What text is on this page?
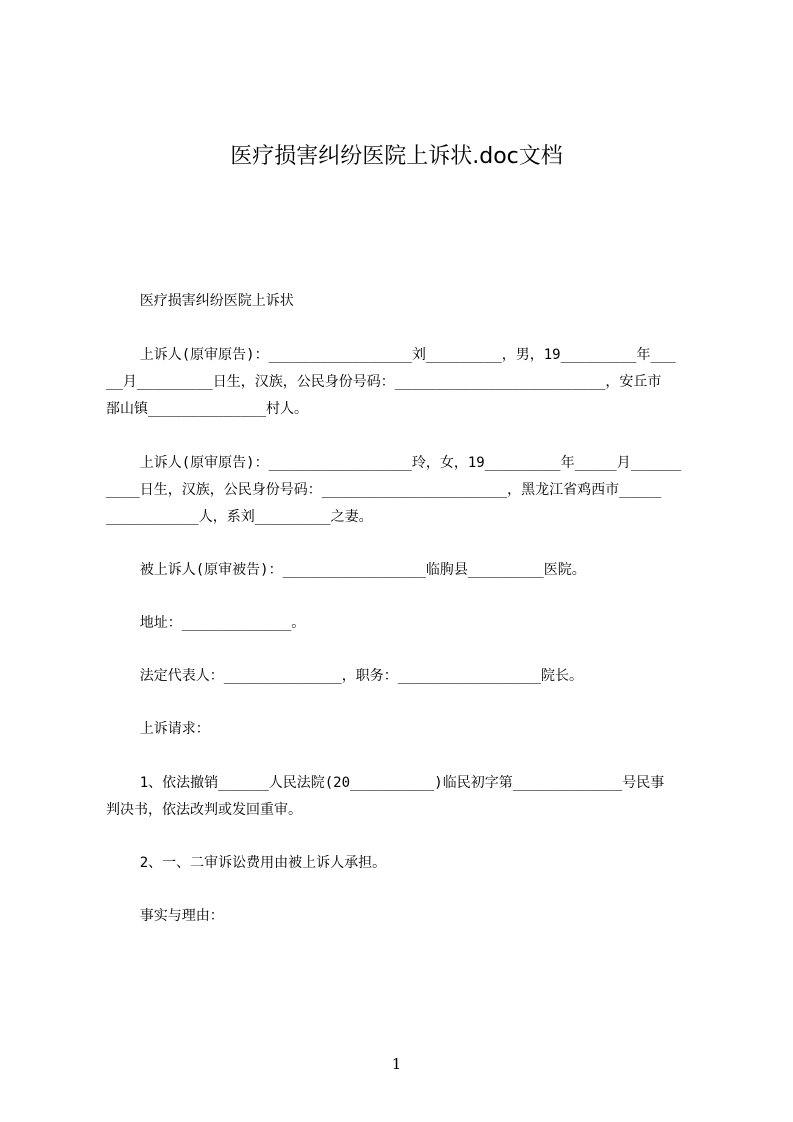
医疗损害纠纷医院上诉状.doc文档
医疗损害纠纷医院上诉状
上诉人(原审原告)：_________________刘_________，男，19_________年___
__月_________日生，汉族，公民身份号码：_________________________，安丘市
郚山镇______________村人。
上诉人(原审原告)：_________________玲，女，19_________年_____月______
____日生，汉族，公民身份号码：______________________，黑龙江省鸡西市_____
___________人，系刘_________之妻。
被上诉人(原审被告)：_________________临朐县_________医院。
地址：_____________。
法定代表人：______________，职务：_________________院长。
上诉请求：
1、依法撤销______人民法院(20__________)临民初字第_____________号民事
判决书，依法改判或发回重审。
2、一、二审诉讼费用由被上诉人承担。
事实与理由：
1
